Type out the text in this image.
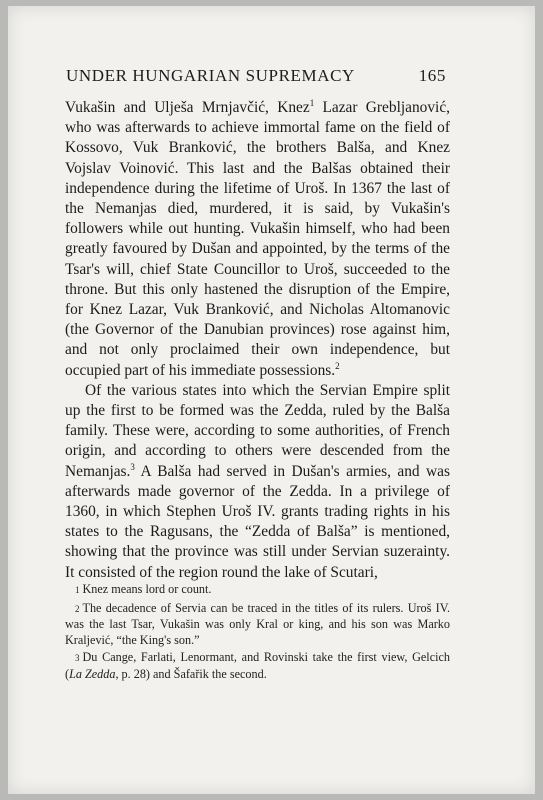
UNDER HUNGARIAN SUPREMACY	165

Vukašin and Ulješa Mrnjavčić, Knez$^1$ Lazar Grebljanović, who was afterwards to achieve immortal fame on the field of Kossovo, Vuk Branković, the brothers Balša, and Knez Vojslav Voinović. This last and the Balšas obtained their independence during the lifetime of Uroš. In 1367 the last of the Nemanjas died, murdered, it is said, by Vukašin's followers while out hunting. Vukašin himself, who had been greatly favoured by Dušan and appointed, by the terms of the Tsar's will, chief State Councillor to Uroš, succeeded to the throne. But this only hastened the disruption of the Empire, for Knez Lazar, Vuk Branković, and Nicholas Altomanovic (the Governor of the Danubian provinces) rose against him, and not only proclaimed their own independence, but occupied part of his immediate possessions.$^2$

Of the various states into which the Servian Empire split up the first to be formed was the Zedda, ruled by the Balša family. These were, according to some authorities, of French origin, and according to others were descended from the Nemanjas.$^3$ A Balša had served in Dušan's armies, and was afterwards made governor of the Zedda. In a privilege of 1360, in which Stephen Uroš IV. grants trading rights in his states to the Ragusans, the “Zedda of Balša” is mentioned, showing that the province was still under Servian suzerainty. It consisted of the region round the lake of Scutari,

1 Knez means lord or count.

2 The decadence of Servia can be traced in the titles of its rulers. Uroš IV. was the last Tsar, Vukašin was only Kral or king, and his son was Marko Kraljević, “the King's son.”

3 Du Cange, Farlati, Lenormant, and Rovinski take the first view, Gelcich (La Zedda, p. 28) and Šafařik the second.
